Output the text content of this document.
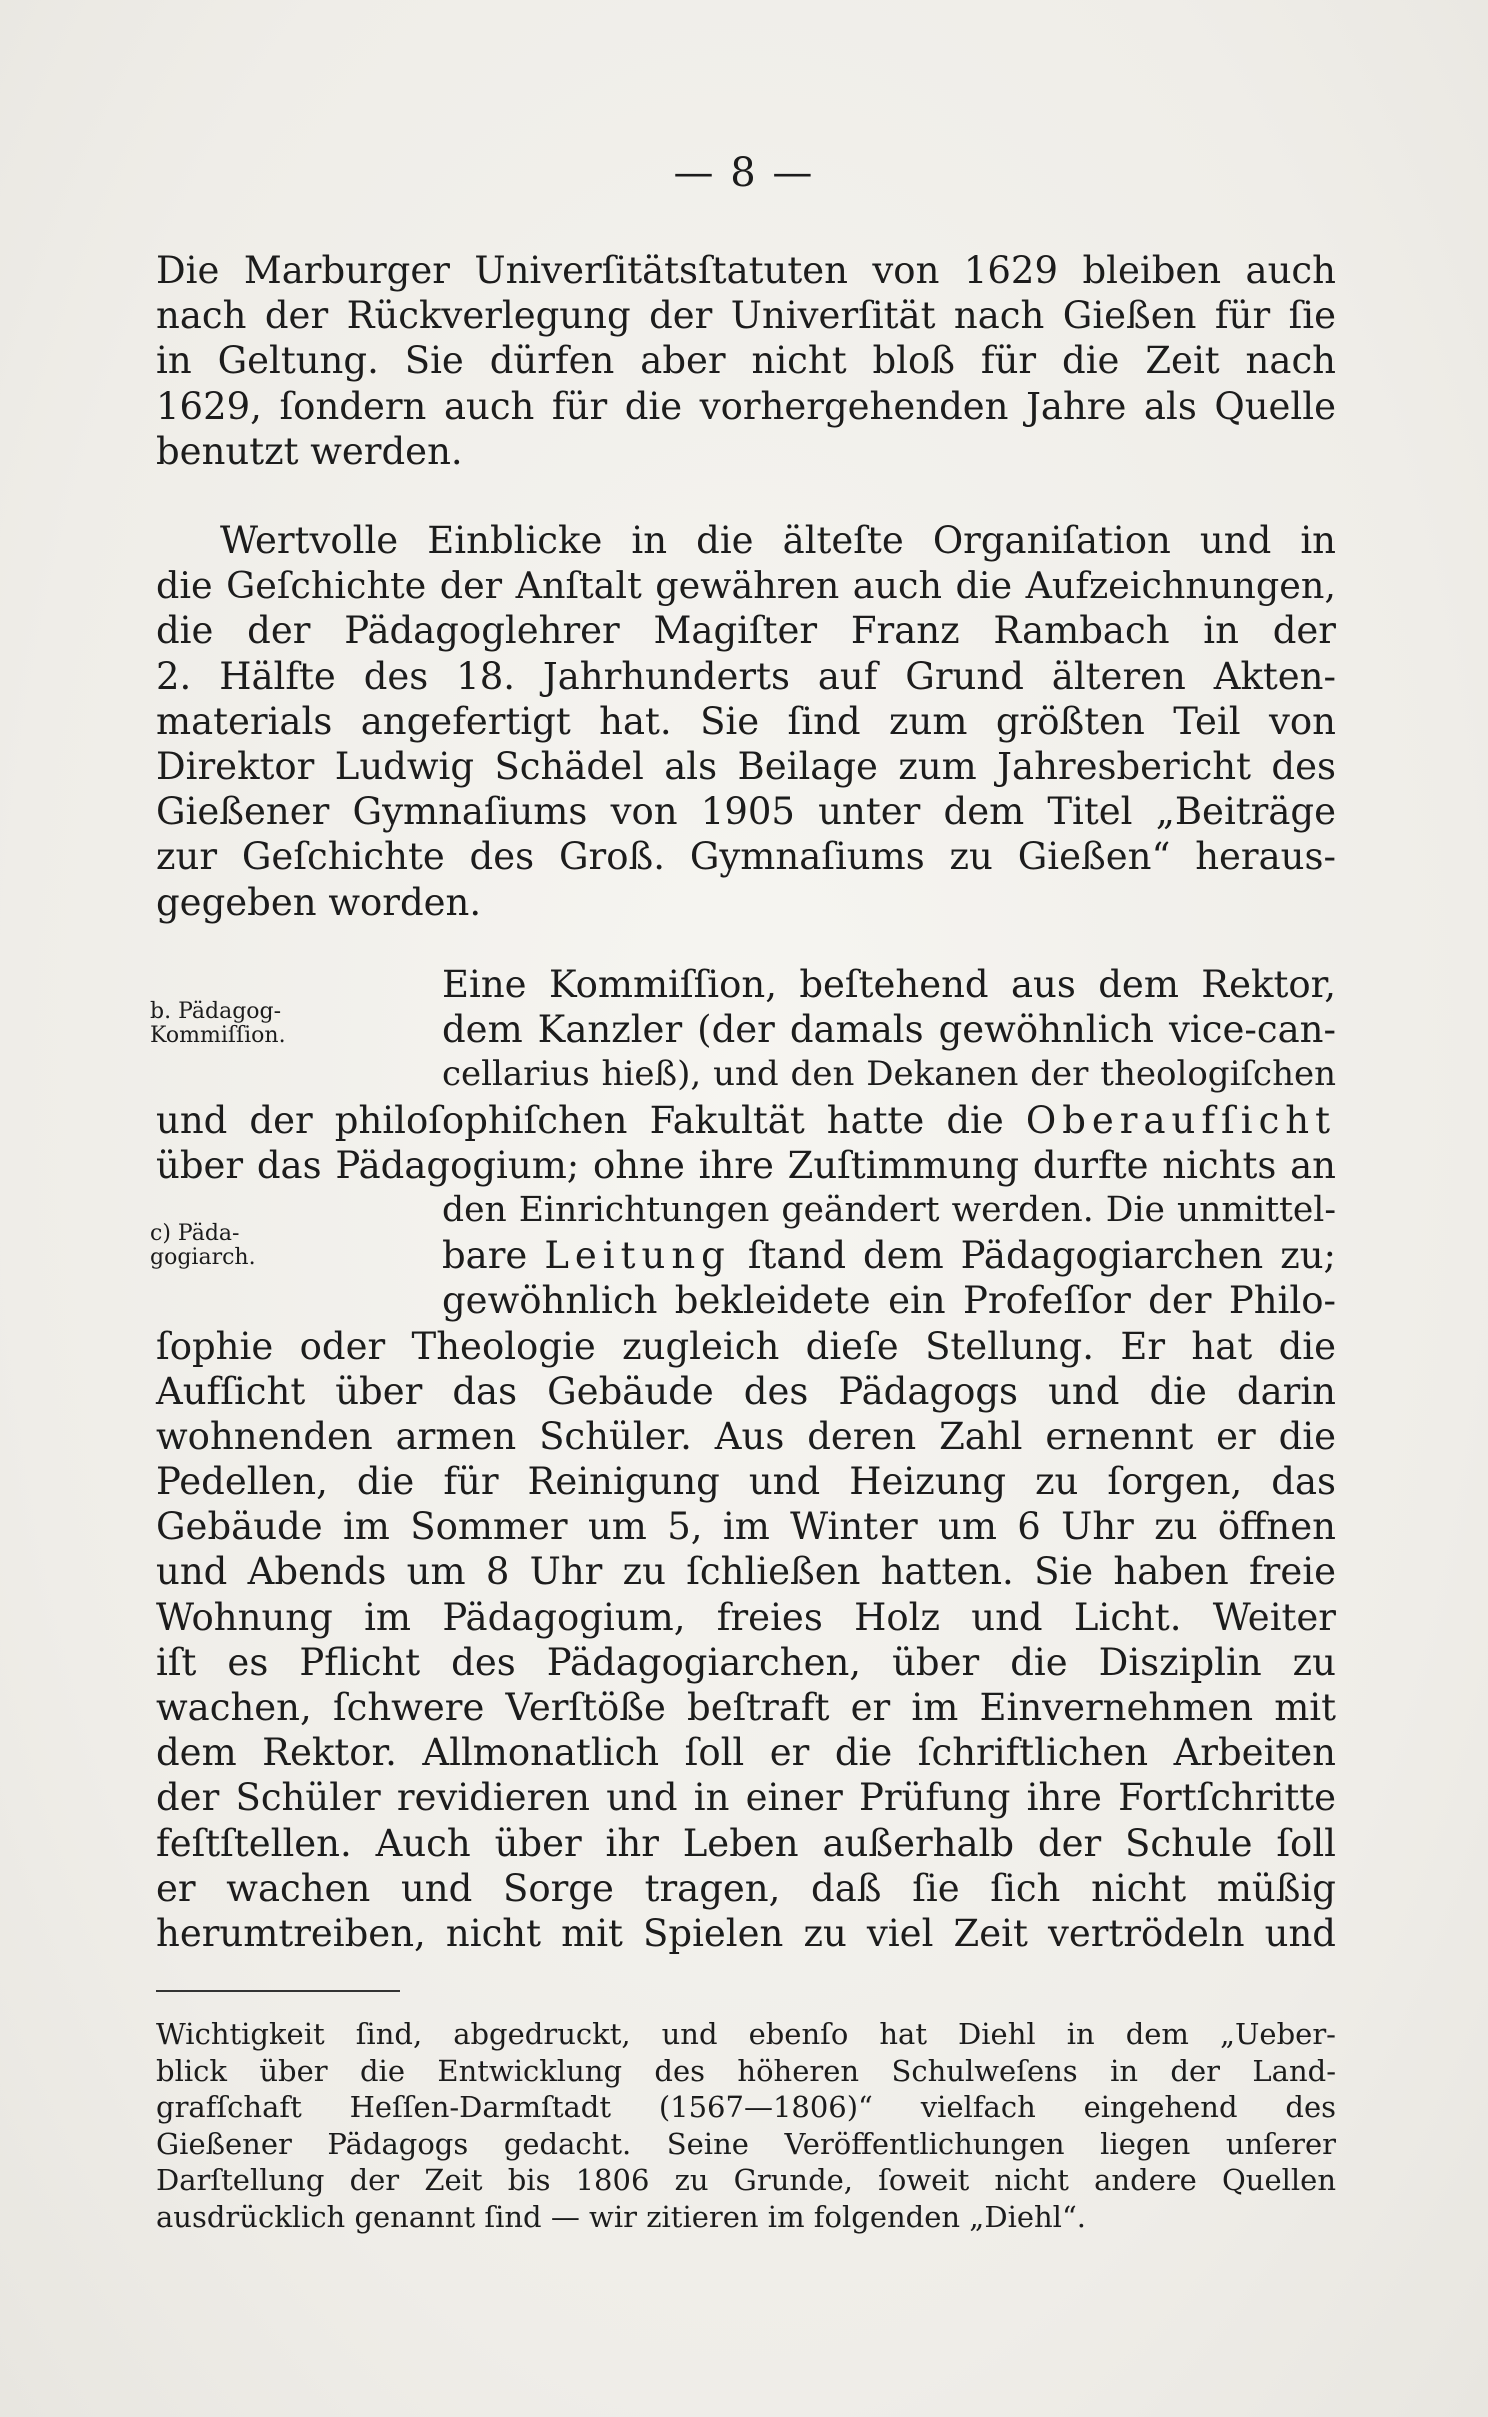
— 8 —
Die Marburger Univerſitätsſtatuten von 1629 bleiben auch
nach der Rückverlegung der Univerſität nach Gießen für ſie
in Geltung. Sie dürfen aber nicht bloß für die Zeit nach
1629, ſondern auch für die vorhergehenden Jahre als Quelle
benutzt werden.
Wertvolle Einblicke in die älteſte Organiſation und in
die Geſchichte der Anſtalt gewähren auch die Aufzeichnungen,
die der Pädagoglehrer Magiſter Franz Rambach in der
2. Hälfte des 18. Jahrhunderts auf Grund älteren Akten-
materials angefertigt hat. Sie ſind zum größten Teil von
Direktor Ludwig Schädel als Beilage zum Jahresbericht des
Gießener Gymnaſiums von 1905 unter dem Titel „Beiträge
zur Geſchichte des Groß. Gymnaſiums zu Gießen“ heraus-
gegeben worden.
b. Pädagog-Kommiſſion.
c) Päda-gogiarch.
Eine Kommiſſion, beſtehend aus dem Rektor,
dem Kanzler (der damals gewöhnlich vice-can-
cellarius hieß), und den Dekanen der theologiſchen
und der philoſophiſchen Fakultät hatte die Oberaufſicht
über das Pädagogium; ohne ihre Zuſtimmung durfte nichts an
den Einrichtungen geändert werden. Die unmittel-
bare Leitung ſtand dem Pädagogiarchen zu;
gewöhnlich bekleidete ein Profeſſor der Philo-
ſophie oder Theologie zugleich dieſe Stellung. Er hat die
Aufſicht über das Gebäude des Pädagogs und die darin
wohnenden armen Schüler. Aus deren Zahl ernennt er die
Pedellen, die für Reinigung und Heizung zu ſorgen, das
Gebäude im Sommer um 5, im Winter um 6 Uhr zu öffnen
und Abends um 8 Uhr zu ſchließen hatten. Sie haben freie
Wohnung im Pädagogium, freies Holz und Licht. Weiter
iſt es Pflicht des Pädagogiarchen, über die Disziplin zu
wachen, ſchwere Verſtöße beſtraft er im Einvernehmen mit
dem Rektor. Allmonatlich ſoll er die ſchriftlichen Arbeiten
der Schüler revidieren und in einer Prüfung ihre Fortſchritte
feſtſtellen. Auch über ihr Leben außerhalb der Schule ſoll
er wachen und Sorge tragen, daß ſie ſich nicht müßig
herumtreiben, nicht mit Spielen zu viel Zeit vertrödeln und
Wichtigkeit ſind, abgedruckt, und ebenſo hat Diehl in dem „Ueber-
blick über die Entwicklung des höheren Schulweſens in der Land-
grafſchaft Heſſen-Darmſtadt (1567—1806)“ vielfach eingehend des
Gießener Pädagogs gedacht. Seine Veröffentlichungen liegen unſerer
Darſtellung der Zeit bis 1806 zu Grunde, ſoweit nicht andere Quellen
ausdrücklich genannt ſind — wir zitieren im folgenden „Diehl“.
